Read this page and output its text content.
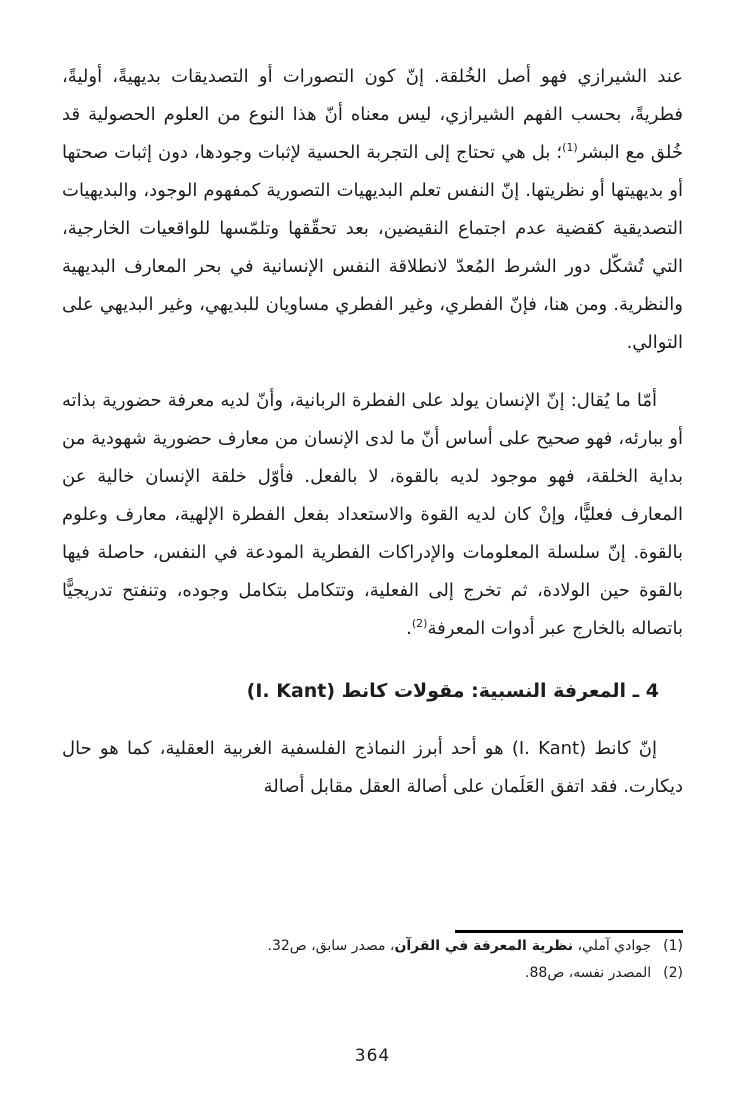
عند الشيرازي فهو أصل الخُلقة. إنّ كون التصورات أو التصديقات بديهيةً، أوليةً، فطريةً، بحسب الفهم الشيرازي، ليس معناه أنّ هذا النوع من العلوم الحصولية قد خُلق مع البشر$^{(1)}$؛ بل هي تحتاج إلى التجربة الحسية لإثبات وجودها، دون إثبات صحتها أو بديهيتها أو نظريتها. إنّ النفس تعلم البديهيات التصورية كمفهوم الوجود، والبديهيات التصديقية كقضية عدم اجتماع النقيضين، بعد تحقّقها وتلمّسها للواقعيات الخارجية، التي تُشكّل دور الشرط المُعدّ لانطلاقة النفس الإنسانية في بحر المعارف البديهية والنظرية. ومن هنا، فإنّ الفطري، وغير الفطري مساويان للبديهي، وغير البديهي على التوالي.

أمّا ما يُقال: إنّ الإنسان يولد على الفطرة الربانية، وأنّ لديه معرفة حضورية بذاته أو ببارئه، فهو صحيح على أساس أنّ ما لدى الإنسان من معارف حضورية شهودية من بداية الخلقة، فهو موجود لديه بالقوة، لا بالفعل. فأوّل خلقة الإنسان خالية عن المعارف فعليًّا، وإنْ كان لديه القوة والاستعداد بفعل الفطرة الإلهية، معارف وعلوم بالقوة. إنّ سلسلة المعلومات والإدراكات الفطرية المودعة في النفس، حاصلة فيها بالقوة حين الولادة، ثم تخرج إلى الفعلية، وتتكامل بتكامل وجوده، وتنفتح تدريجيًّا باتصاله بالخارج عبر أدوات المعرفة$^{(2)}$.

4 ـ المعرفة النسبية: مقولات كانط (I. Kant)

إنّ كانط (I. Kant) هو أحد أبرز النماذج الفلسفية الغربية العقلية، كما هو حال ديكارت. فقد اتفق العَلَمان على أصالة العقل مقابل أصالة

(1)جوادي آملي، نظرية المعرفة في القرآن، مصدر سابق، ص32.
(2)المصدر نفسه، ص88.
364
